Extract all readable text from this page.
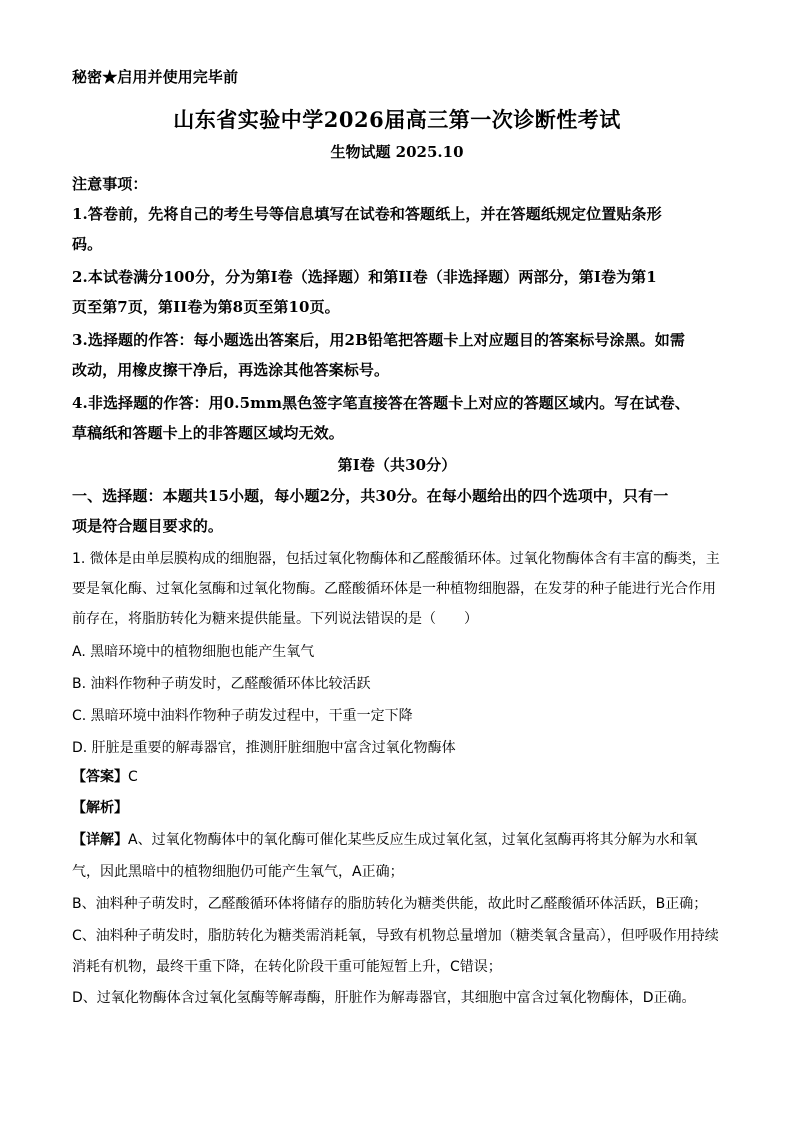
秘密★启用并使用完毕前
山东省实验中学2026届高三第一次诊断性考试
生物试题 2025.10
注意事项：
1.答卷前，先将自己的考生号等信息填写在试卷和答题纸上，并在答题纸规定位置贴条形
码。
2.本试卷满分100分，分为第I卷（选择题）和第II卷（非选择题）两部分，第I卷为第1
页至第7页，第II卷为第8页至第10页。
3.选择题的作答：每小题选出答案后，用2B铅笔把答题卡上对应题目的答案标号涂黑。如需
改动，用橡皮擦干净后，再选涂其他答案标号。
4.非选择题的作答：用0.5mm黑色签字笔直接答在答题卡上对应的答题区域内。写在试卷、
草稿纸和答题卡上的非答题区域均无效。
第I卷（共30分）
一、选择题：本题共15小题，每小题2分，共30分。在每小题给出的四个选项中，只有一
项是符合题目要求的。
1. 微体是由单层膜构成的细胞器，包括过氧化物酶体和乙醛酸循环体。过氧化物酶体含有丰富的酶类，主
要是氧化酶、过氧化氢酶和过氧化物酶。乙醛酸循环体是一种植物细胞器，在发芽的种子能进行光合作用
前存在，将脂肪转化为糖来提供能量。下列说法错误的是（　　）
A. 黑暗环境中的植物细胞也能产生氧气
B. 油料作物种子萌发时，乙醛酸循环体比较活跃
C. 黑暗环境中油料作物种子萌发过程中，干重一定下降
D. 肝脏是重要的解毒器官，推测肝脏细胞中富含过氧化物酶体
【答案】C
【解析】
【详解】A、过氧化物酶体中的氧化酶可催化某些反应生成过氧化氢，过氧化氢酶再将其分解为水和氧
气，因此黑暗中的植物细胞仍可能产生氧气，A正确；
B、油料种子萌发时，乙醛酸循环体将储存的脂肪转化为糖类供能，故此时乙醛酸循环体活跃，B正确；
C、油料种子萌发时，脂肪转化为糖类需消耗氧，导致有机物总量增加（糖类氧含量高），但呼吸作用持续
消耗有机物，最终干重下降，在转化阶段干重可能短暂上升，C错误；
D、过氧化物酶体含过氧化氢酶等解毒酶，肝脏作为解毒器官，其细胞中富含过氧化物酶体，D正确。
